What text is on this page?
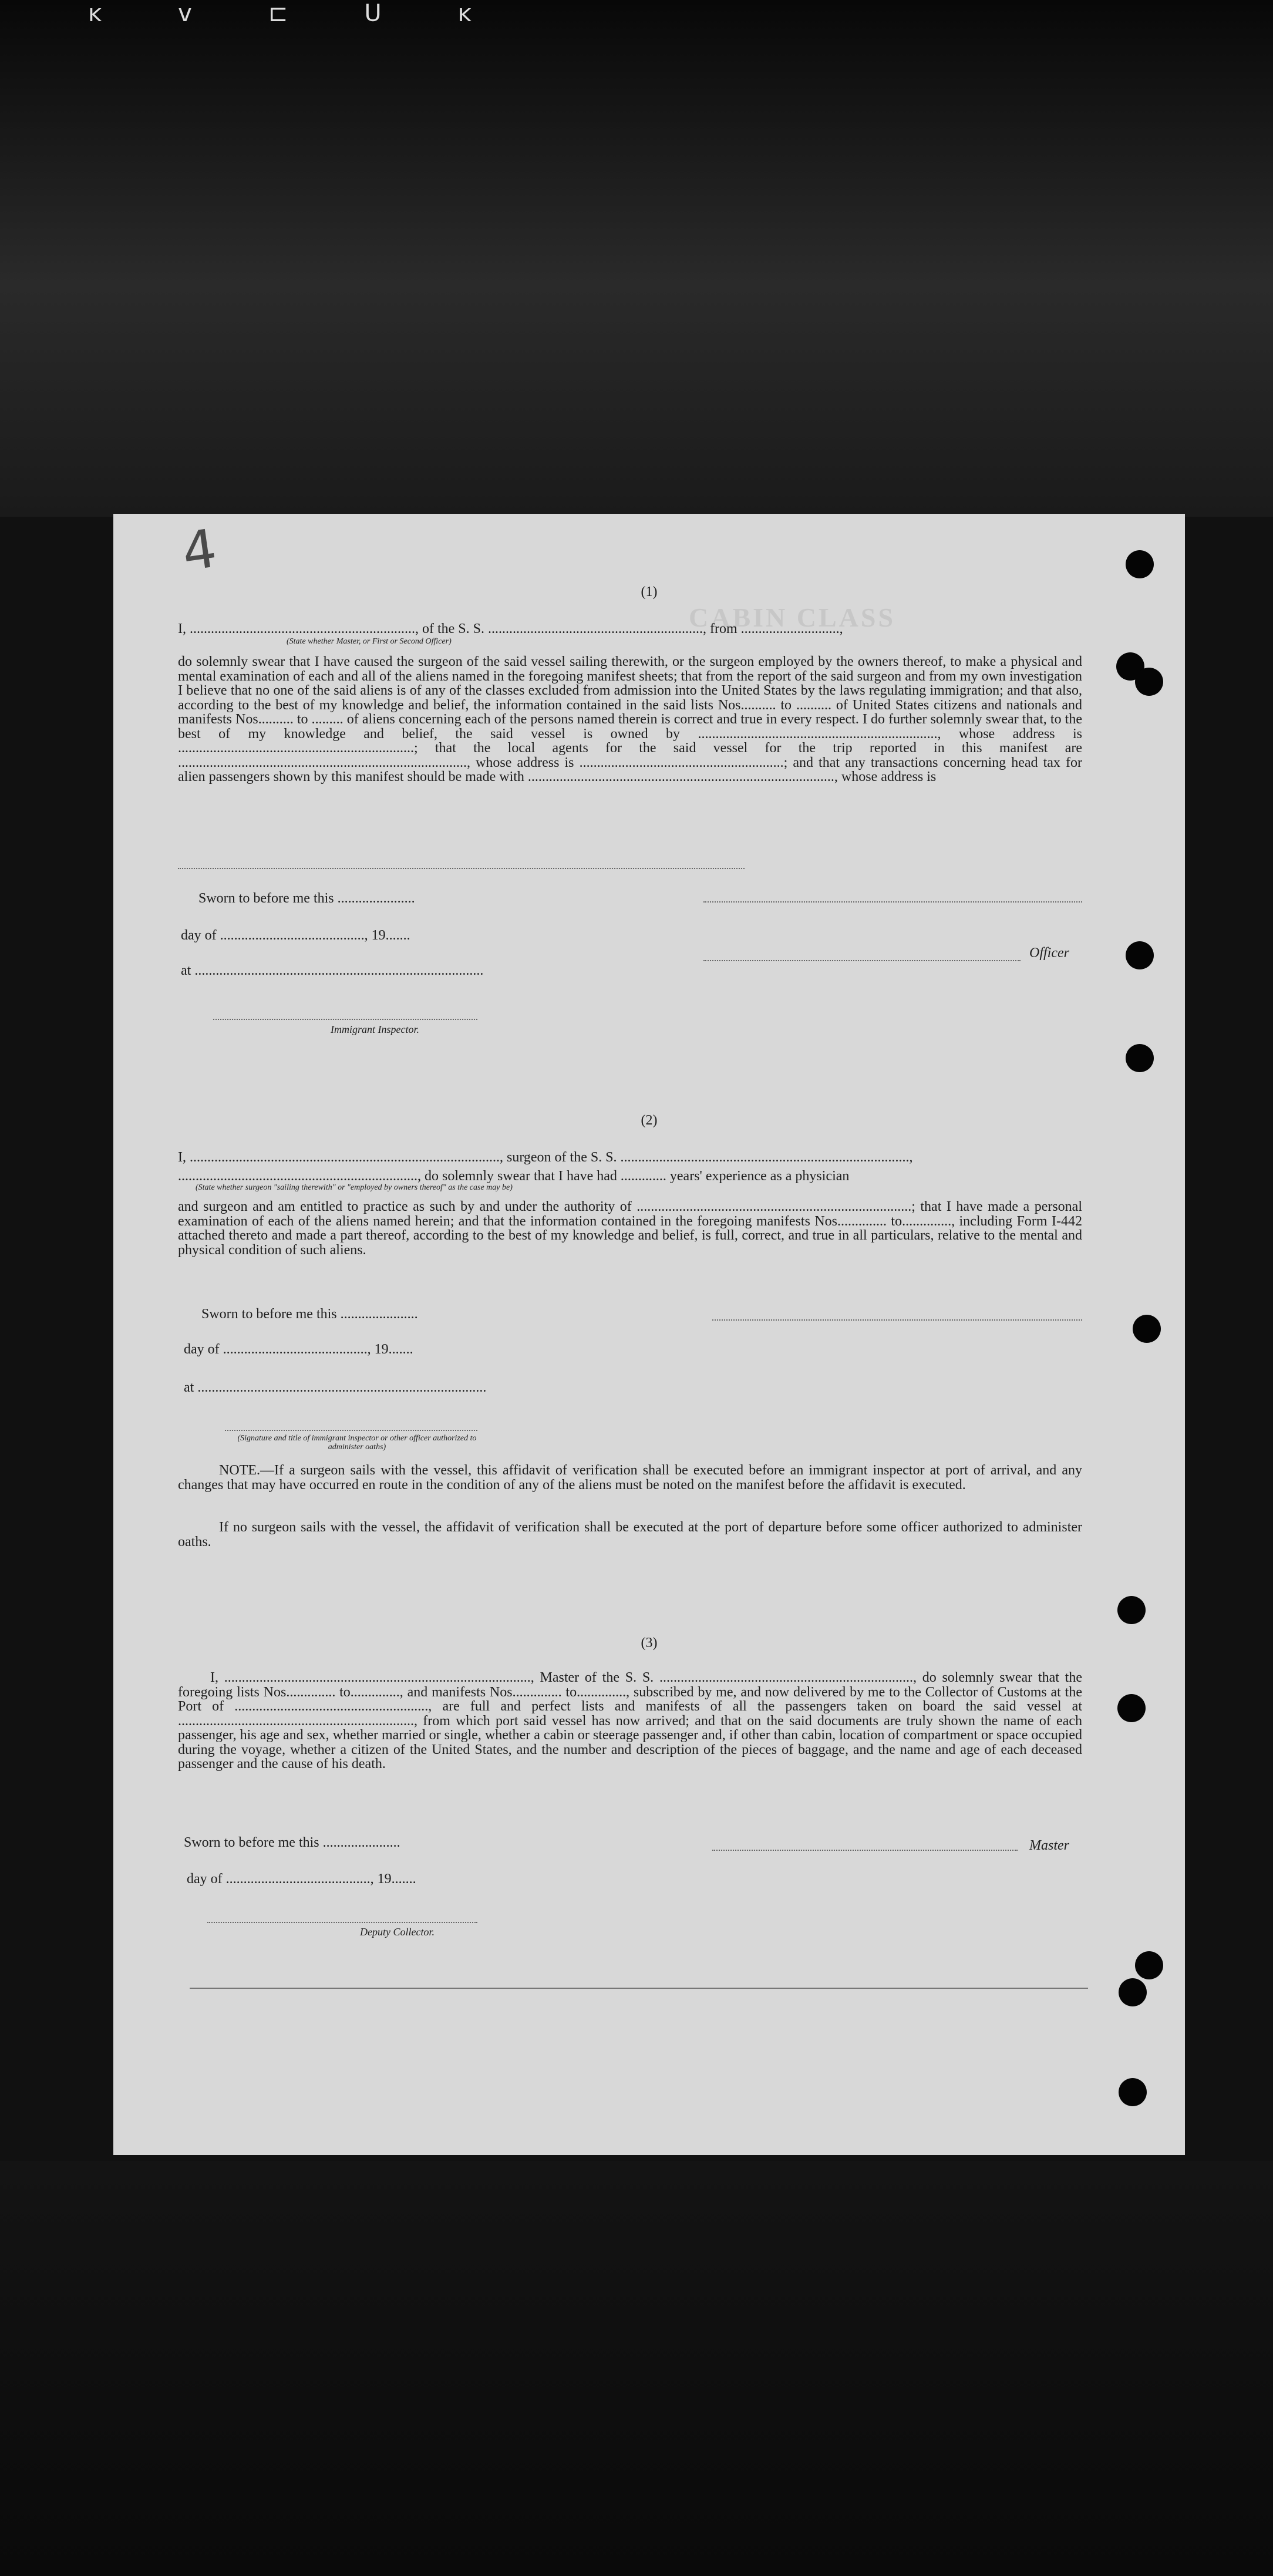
ĸ	v	⊏	ᑌ	ĸ
4
CABIN CLASS
(1)
I, ................................................................, of the S. S. ............................................................., from ............................,
(State whether Master, or First or Second Officer)
do solemnly swear that I have caused the surgeon of the said vessel sailing therewith, or the surgeon employed by the owners thereof, to make a physical and mental examination of each and all of the aliens named in the foregoing manifest sheets; that from the report of the said surgeon and from my own investigation I believe that no one of the said aliens is of any of the classes excluded from admission into the United States by the laws regulating immigration; and that also, according to the best of my knowledge and belief, the information contained in the said lists Nos.......... to .......... of United States citizens and nationals and manifests Nos.......... to ......... of aliens concerning each of the persons named therein is correct and true in every respect. I do further solemnly swear that, to the best of my knowledge and belief, the said vessel is owned by ...................................................................., whose address is ...................................................................; that the local agents for the said vessel for the trip reported in this manifest are .................................................................................., whose address is ..........................................................; and that any transactions concerning head tax for alien passengers shown by this manifest should be made with ......................................................................................., whose address is
Sworn to before me this ......................
day of ........................................., 19.......
Officer
at ..................................................................................
Immigrant Inspector.
(2)
I, ........................................................................................, surgeon of the S. S. ..................................................................................,
...................................................................., do solemnly swear that I have had ............. years' experience as a physician
(State whether surgeon "sailing therewith" or "employed by owners thereof" as the case may be)
and surgeon and am entitled to practice as such by and under the authority of ..............................................................................; that I have made a personal examination of each of the aliens named herein; and that the information contained in the foregoing manifests Nos.............. to.............., including Form I-442 attached thereto and made a part thereof, according to the best of my knowledge and belief, is full, correct, and true in all particulars, relative to the mental and physical condition of such aliens.
Sworn to before me this ......................
day of ........................................., 19.......
at ..................................................................................
(Signature and title of immigrant inspector or other officer authorized to administer oaths)
NOTE.—If a surgeon sails with the vessel, this affidavit of verification shall be executed before an immigrant inspector at port of arrival, and any changes that may have occurred en route in the condition of any of the aliens must be noted on the manifest before the affidavit is executed.
If no surgeon sails with the vessel, the affidavit of verification shall be executed at the port of departure before some officer authorized to administer oaths.
(3)
I, ......................................................................................., Master of the S. S. ........................................................................, do solemnly swear that the foregoing lists Nos.............. to.............., and manifests Nos.............. to.............., subscribed by me, and now delivered by me to the Collector of Customs at the Port of ......................................................., are full and perfect lists and manifests of all the passengers taken on board the said vessel at ..................................................................., from which port said vessel has now arrived; and that on the said documents are truly shown the name of each passenger, his age and sex, whether married or single, whether a cabin or steerage passenger and, if other than cabin, location of compartment or space occupied during the voyage, whether a citizen of the United States, and the number and description of the pieces of baggage, and the name and age of each deceased passenger and the cause of his death.
Sworn to before me this ......................	Master
day of ........................................., 19.......
Deputy Collector.
